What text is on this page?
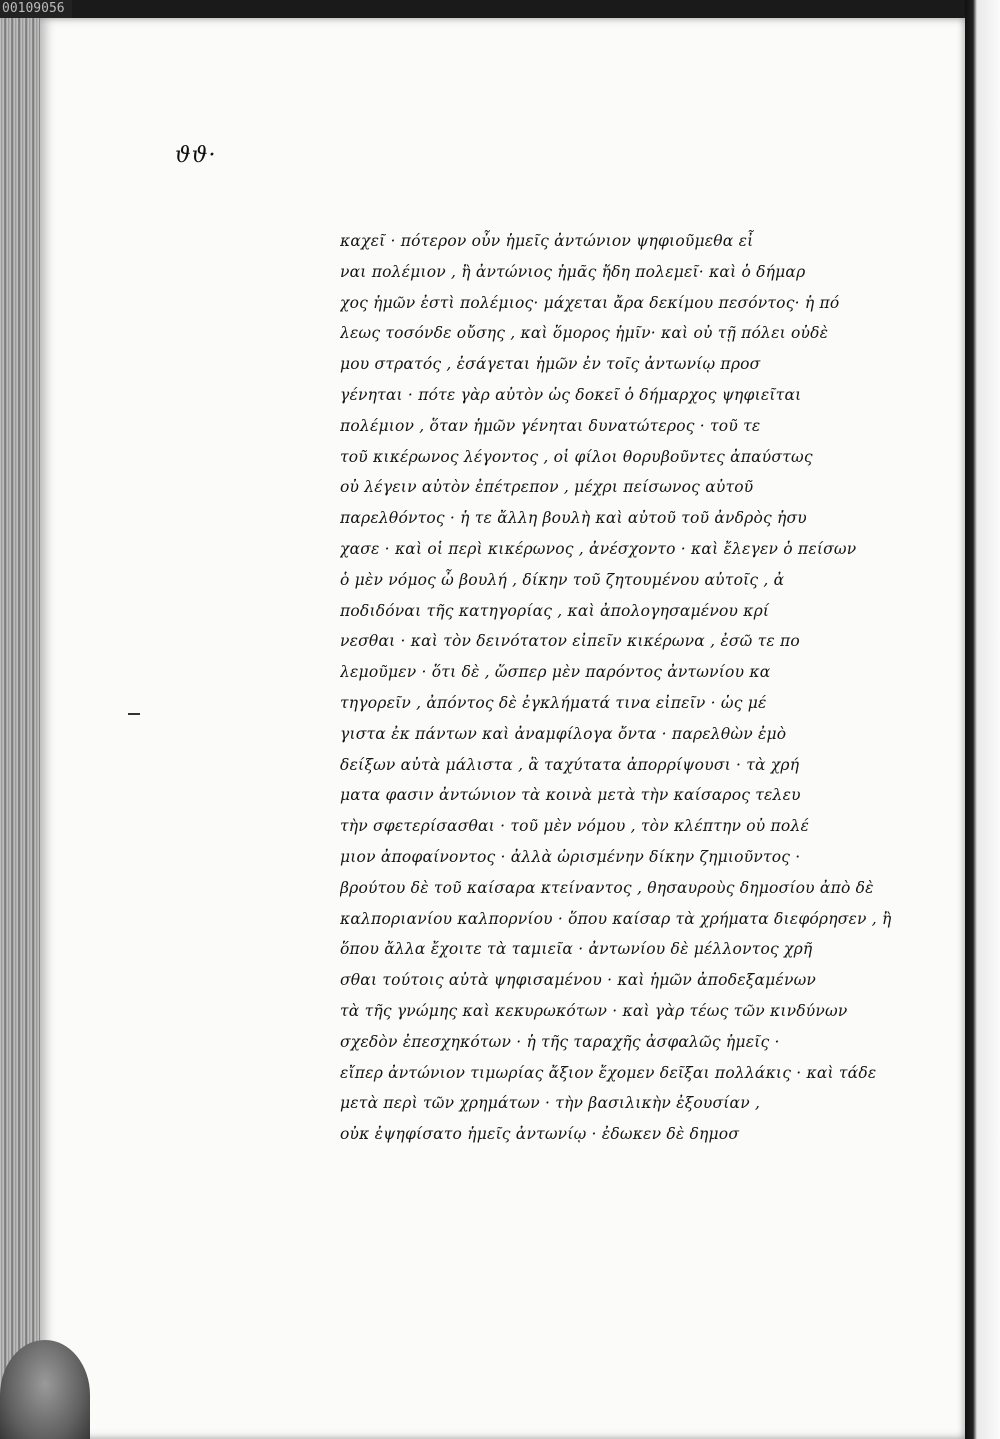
00109056
ϑϑ·
καχεῖ · πότερον οὖν ἡμεῖς ἀντώνιον ψηφιοῦμεθα εἶ
ναι πολέμιον , ἢ ἀντώνιος ἡμᾶς ἤδη πολεμεῖ· καὶ ὁ δήμαρ
χος ἡμῶν ἐστὶ πολέμιος· μάχεται ἄρα δεκίμου πεσόντος· ἡ πό
λεως τοσόνδε οὔσης , καὶ ὅμορος ἡμῖν· καὶ οὐ τῇ πόλει οὐδὲ
μου στρατός , ἐσάγεται ἡμῶν ἐν τοῖς ἀντωνίῳ προσ
γένηται · πότε γὰρ αὐτὸν ὡς δοκεῖ ὁ δήμαρχος ψηφιεῖται
πολέμιον , ὅταν ἡμῶν γένηται δυνατώτερος · τοῦ τε
τοῦ κικέρωνος λέγοντος , οἱ φίλοι θορυβοῦντες ἀπαύστως
οὐ λέγειν αὐτὸν ἐπέτρεπον , μέχρι πείσωνος αὐτοῦ
παρελθόντος · ἡ τε ἄλλη βουλὴ καὶ αὐτοῦ τοῦ ἀνδρὸς ἡσυ
χασε · καὶ οἱ περὶ κικέρωνος , ἀνέσχοντο · καὶ ἔλεγεν ὁ πείσων
ὁ μὲν νόμος ὦ βουλή , δίκην τοῦ ζητουμένου αὐτοῖς , ἀ
ποδιδόναι τῆς κατηγορίας , καὶ ἀπολογησαμένου κρί
νεσθαι · καὶ τὸν δεινότατον εἰπεῖν κικέρωνα , ἐσῶ τε πο
λεμοῦμεν · ὅτι δὲ , ὥσπερ μὲν παρόντος ἀντωνίου κα
τηγορεῖν , ἀπόντος δὲ ἐγκλήματά τινα εἰπεῖν · ὡς μέ
γιστα ἐκ πάντων καὶ ἀναμφίλογα ὄντα · παρελθὼν ἐμὸ
δείξων αὐτὰ μάλιστα , ἃ ταχύτατα ἀπορρίψουσι · τὰ χρή
ματα φασιν ἀντώνιον τὰ κοινὰ μετὰ τὴν καίσαρος τελευ
τὴν σφετερίσασθαι · τοῦ μὲν νόμου , τὸν κλέπτην οὐ πολέ
μιον ἀποφαίνοντος · ἀλλὰ ὡρισμένην δίκην ζημιοῦντος ·
βρούτου δὲ τοῦ καίσαρα κτείναντος , θησαυροὺς δημοσίου ἀπὸ δὲ
καλποριανίου καλπορνίου · ὅπου καίσαρ τὰ χρήματα διεφόρησεν , ἢ
ὅπου ἄλλα ἔχοιτε τὰ ταμιεῖα · ἀντωνίου δὲ μέλλοντος χρῆ
σθαι τούτοις αὐτὰ ψηφισαμένου · καὶ ἡμῶν ἀποδεξαμένων
τὰ τῆς γνώμης καὶ κεκυρωκότων · καὶ γὰρ τέως τῶν κινδύνων
σχεδὸν ἐπεσχηκότων · ἡ τῆς ταραχῆς ἀσφαλῶς ἡμεῖς ·
εἴπερ ἀντώνιον τιμωρίας ἄξιον ἔχομεν δεῖξαι πολλάκις · καὶ τάδε
μετὰ περὶ τῶν χρημάτων · τὴν βασιλικὴν ἐξουσίαν ,
οὐκ ἐψηφίσατο ἡμεῖς ἀντωνίῳ · ἐδωκεν δὲ δημοσ
